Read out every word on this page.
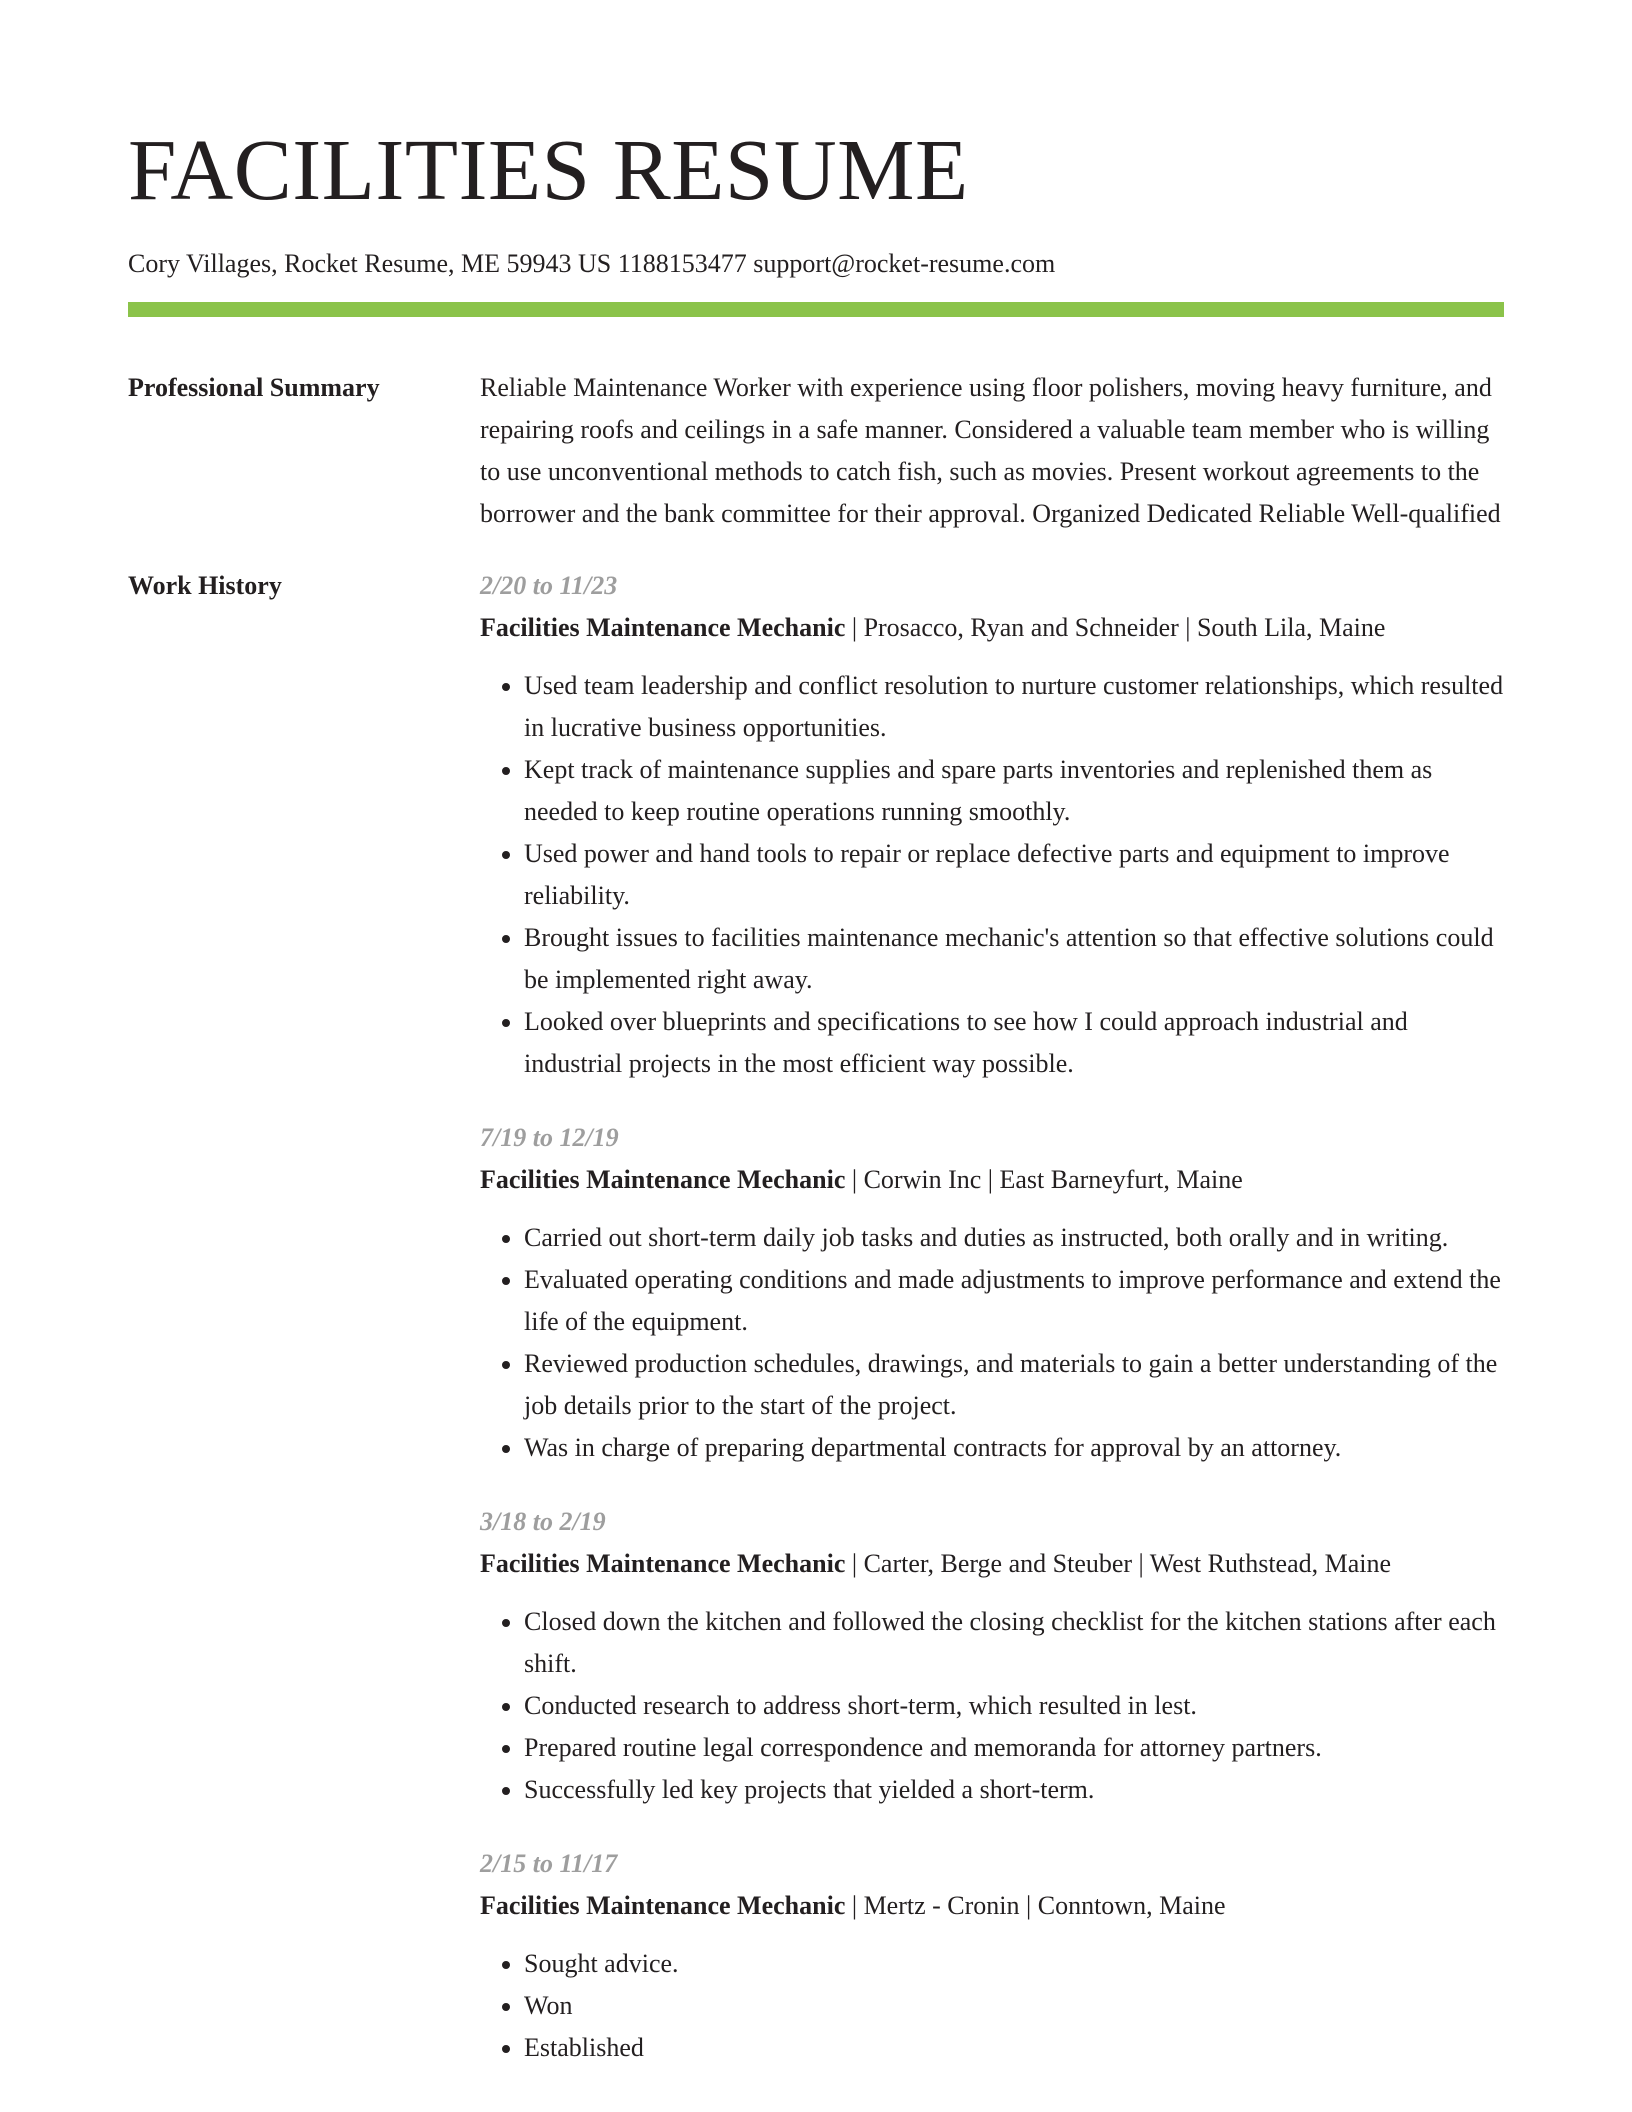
FACILITIES RESUME
Cory Villages, Rocket Resume, ME 59943 US 1188153477 support@rocket-resume.com
Professional Summary	Reliable Maintenance Worker with experience using floor polishers, moving heavy furniture, and repairing roofs and ceilings in a safe manner. Considered a valuable team member who is willing to use unconventional methods to catch fish, such as movies. Present workout agreements to the borrower and the bank committee for their approval. Organized Dedicated Reliable Well-qualified

Work History	2/20 to 11/23
Facilities Maintenance Mechanic | Prosacco, Ryan and Schneider | South Lila, Maine
• Used team leadership and conflict resolution to nurture customer relationships, which resulted in lucrative business opportunities.
• Kept track of maintenance supplies and spare parts inventories and replenished them as needed to keep routine operations running smoothly.
• Used power and hand tools to repair or replace defective parts and equipment to improve reliability.
• Brought issues to facilities maintenance mechanic's attention so that effective solutions could be implemented right away.
• Looked over blueprints and specifications to see how I could approach industrial and industrial projects in the most efficient way possible.
7/19 to 12/19
Facilities Maintenance Mechanic | Corwin Inc | East Barneyfurt, Maine
• Carried out short-term daily job tasks and duties as instructed, both orally and in writing.
• Evaluated operating conditions and made adjustments to improve performance and extend the life of the equipment.
• Reviewed production schedules, drawings, and materials to gain a better understanding of the job details prior to the start of the project.
• Was in charge of preparing departmental contracts for approval by an attorney.
3/18 to 2/19
Facilities Maintenance Mechanic | Carter, Berge and Steuber | West Ruthstead, Maine
• Closed down the kitchen and followed the closing checklist for the kitchen stations after each shift.
• Conducted research to address short-term, which resulted in lest.
• Prepared routine legal correspondence and memoranda for attorney partners.
• Successfully led key projects that yielded a short-term.
2/15 to 11/17
Facilities Maintenance Mechanic | Mertz - Cronin | Conntown, Maine
• Sought advice.
• Won
• Established
